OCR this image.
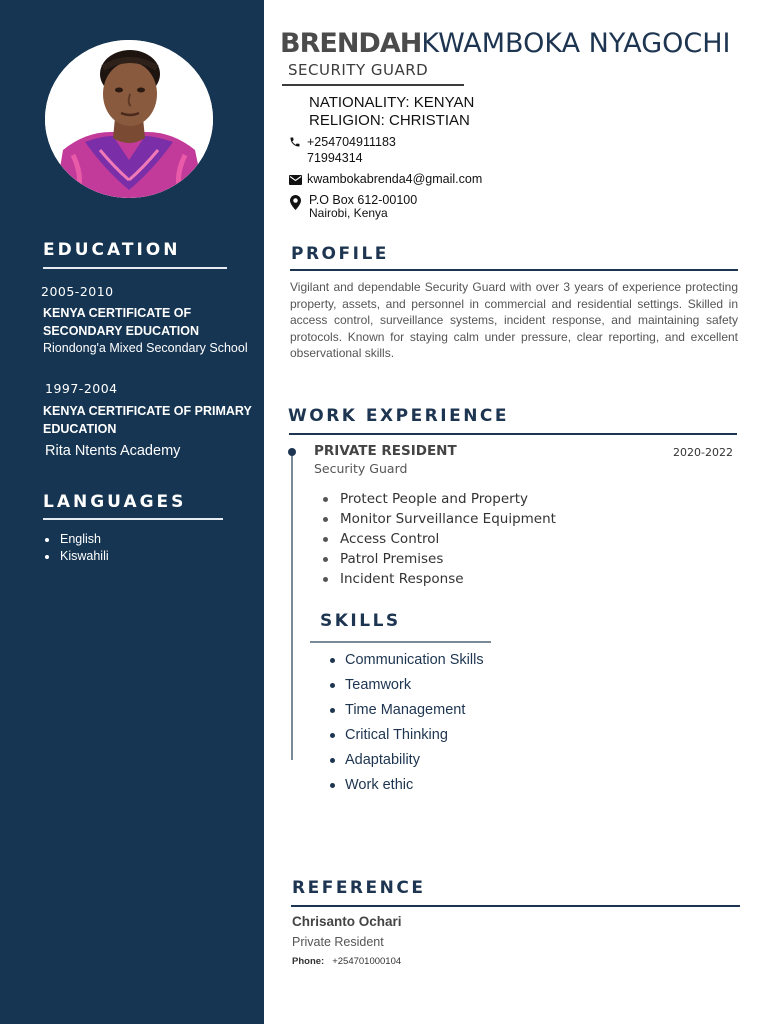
EDUCATION
2005-2010
KENYA CERTIFICATE OF SECONDARY EDUCATION
Riondong'a Mixed Secondary School
1997-2004
KENYA CERTIFICATE OF PRIMARY EDUCATION
Rita Ntents Academy
LANGUAGES
English
Kiswahili
BRENDAHKWAMBOKA NYAGOCHI
SECURITY GUARD
NATIONALITY: KENYAN
RELIGION: CHRISTIAN
+254704911183
71994314
kwambokabrenda4@gmail.com
P.O Box 612-00100
Nairobi, Kenya
PROFILE
Vigilant and dependable Security Guard with over 3 years of experience protecting property, assets, and personnel in commercial and residential settings. Skilled in access control, surveillance systems, incident response, and maintaining safety protocols. Known for staying calm under pressure, clear reporting, and excellent observational skills.
WORK EXPERIENCE
PRIVATE RESIDENT	2020-2022
Security Guard
Protect People and Property
Monitor Surveillance Equipment
Access Control
Patrol Premises
Incident Response
SKILLS
Communication Skills
Teamwork
Time Management
Critical Thinking
Adaptability
Work ethic
REFERENCE
Chrisanto Ochari
Private Resident
Phone: +254701000104
